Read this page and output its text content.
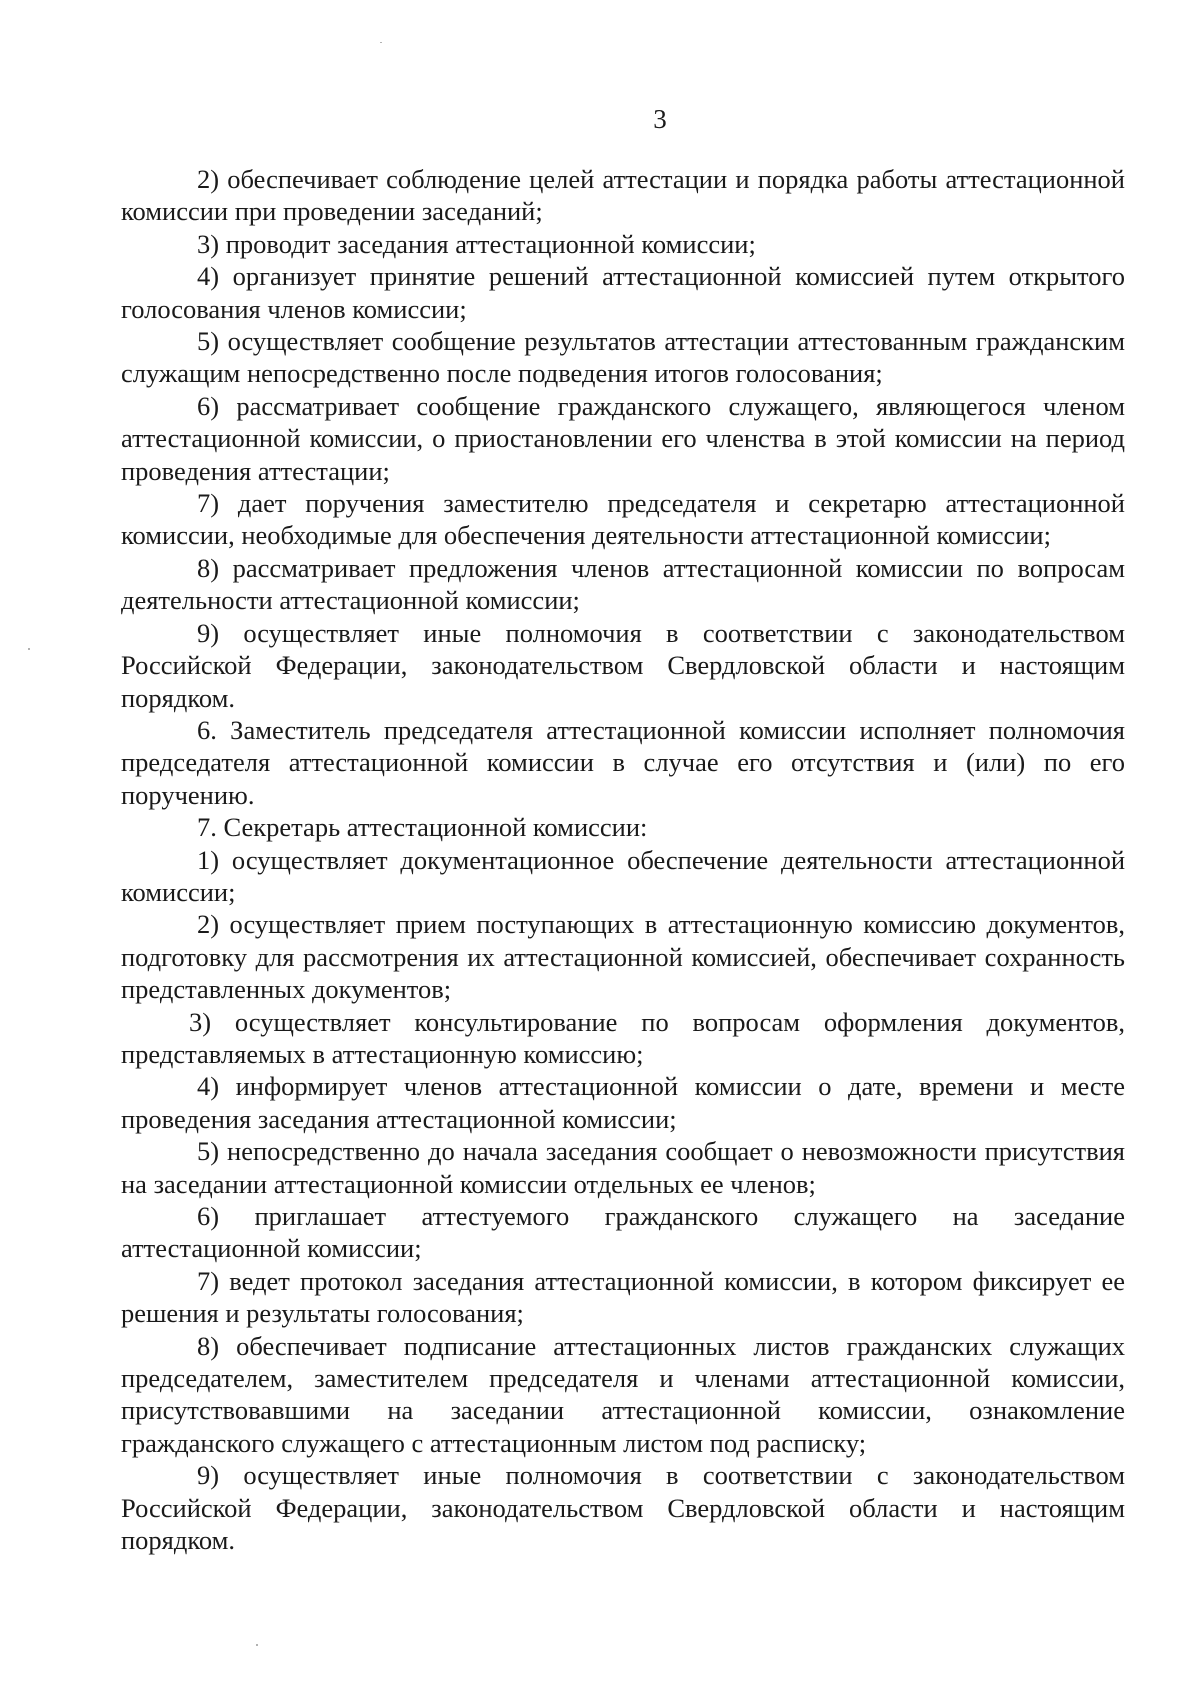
3

2) обеспечивает соблюдение целей аттестации и порядка работы аттестационной комиссии при проведении заседаний;

3) проводит заседания аттестационной комиссии;

4) организует принятие решений аттестационной комиссией путем открытого голосования членов комиссии;

5) осуществляет сообщение результатов аттестации аттестованным гражданским служащим непосредственно после подведения итогов голосования;

6) рассматривает сообщение гражданского служащего, являющегося членом аттестационной комиссии, о приостановлении его членства в этой комиссии на период проведения аттестации;

7) дает поручения заместителю председателя и секретарю аттестационной комиссии, необходимые для обеспечения деятельности аттестационной комиссии;

8) рассматривает предложения членов аттестационной комиссии по вопросам деятельности аттестационной комиссии;

9) осуществляет иные полномочия в соответствии с законодательством Российской Федерации, законодательством Свердловской области и настоящим порядком.

6. Заместитель председателя аттестационной комиссии исполняет полномочия председателя аттестационной комиссии в случае его отсутствия и (или) по его поручению.

7. Секретарь аттестационной комиссии:

1) осуществляет документационное обеспечение деятельности аттестационной комиссии;

2) осуществляет прием поступающих в аттестационную комиссию документов, подготовку для рассмотрения их аттестационной комиссией, обеспечивает сохранность представленных документов;

3) осуществляет консультирование по вопросам оформления документов, представляемых в аттестационную комиссию;

4) информирует членов аттестационной комиссии о дате, времени и месте проведения заседания аттестационной комиссии;

5) непосредственно до начала заседания сообщает о невозможности присутствия на заседании аттестационной комиссии отдельных ее членов;

6) приглашает аттестуемого гражданского служащего на заседание аттестационной комиссии;

7) ведет протокол заседания аттестационной комиссии, в котором фиксирует ее решения и результаты голосования;

8) обеспечивает подписание аттестационных листов гражданских служащих председателем, заместителем председателя и членами аттестационной комиссии, присутствовавшими на заседании аттестационной комиссии, ознакомление гражданского служащего с аттестационным листом под расписку;

9) осуществляет иные полномочия в соответствии с законодательством Российской Федерации, законодательством Свердловской области и настоящим порядком.
